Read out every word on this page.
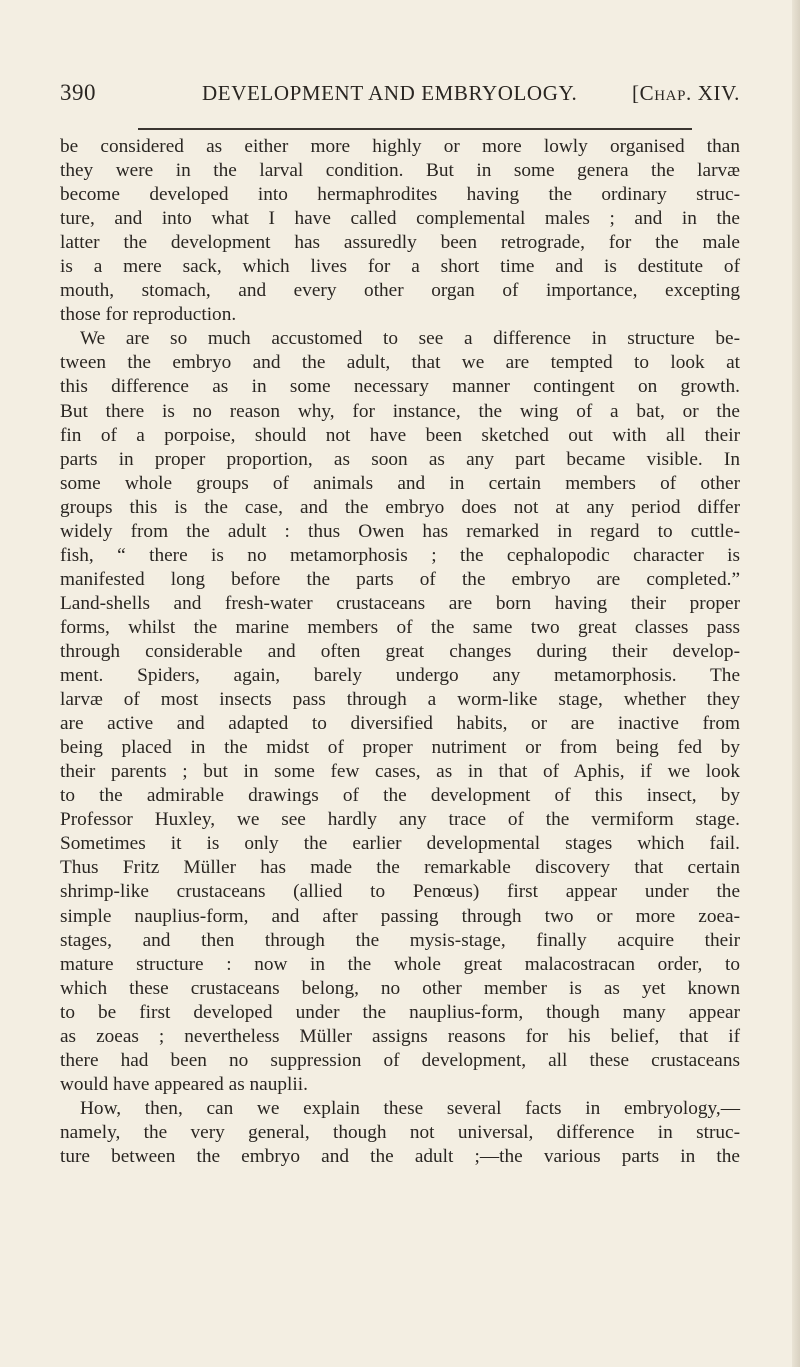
390	DEVELOPMENT AND EMBRYOLOGY.	[Chap. XIV.
be considered as either more highly or more lowly organised than
they were in the larval condition. But in some genera the larvæ
become developed into hermaphrodites having the ordinary struc-
ture, and into what I have called complemental males ; and in the
latter the development has assuredly been retrograde, for the male
is a mere sack, which lives for a short time and is destitute of
mouth, stomach, and every other organ of importance, excepting
those for reproduction.
We are so much accustomed to see a difference in structure be-
tween the embryo and the adult, that we are tempted to look at
this difference as in some necessary manner contingent on growth.
But there is no reason why, for instance, the wing of a bat, or the
fin of a porpoise, should not have been sketched out with all their
parts in proper proportion, as soon as any part became visible. In
some whole groups of animals and in certain members of other
groups this is the case, and the embryo does not at any period differ
widely from the adult : thus Owen has remarked in regard to cuttle-
fish, “ there is no metamorphosis ; the cephalopodic character is
manifested long before the parts of the embryo are completed.”
Land-shells and fresh-water crustaceans are born having their proper
forms, whilst the marine members of the same two great classes pass
through considerable and often great changes during their develop-
ment. Spiders, again, barely undergo any metamorphosis. The
larvæ of most insects pass through a worm-like stage, whether they
are active and adapted to diversified habits, or are inactive from
being placed in the midst of proper nutriment or from being fed by
their parents ; but in some few cases, as in that of Aphis, if we look
to the admirable drawings of the development of this insect, by
Professor Huxley, we see hardly any trace of the vermiform stage.
Sometimes it is only the earlier developmental stages which fail.
Thus Fritz Müller has made the remarkable discovery that certain
shrimp-like crustaceans (allied to Penœus) first appear under the
simple nauplius-form, and after passing through two or more zoea-
stages, and then through the mysis-stage, finally acquire their
mature structure : now in the whole great malacostracan order, to
which these crustaceans belong, no other member is as yet known
to be first developed under the nauplius-form, though many appear
as zoeas ; nevertheless Müller assigns reasons for his belief, that if
there had been no suppression of development, all these crustaceans
would have appeared as nauplii.
How, then, can we explain these several facts in embryology,—
namely, the very general, though not universal, difference in struc-
ture between the embryo and the adult ;—the various parts in the
